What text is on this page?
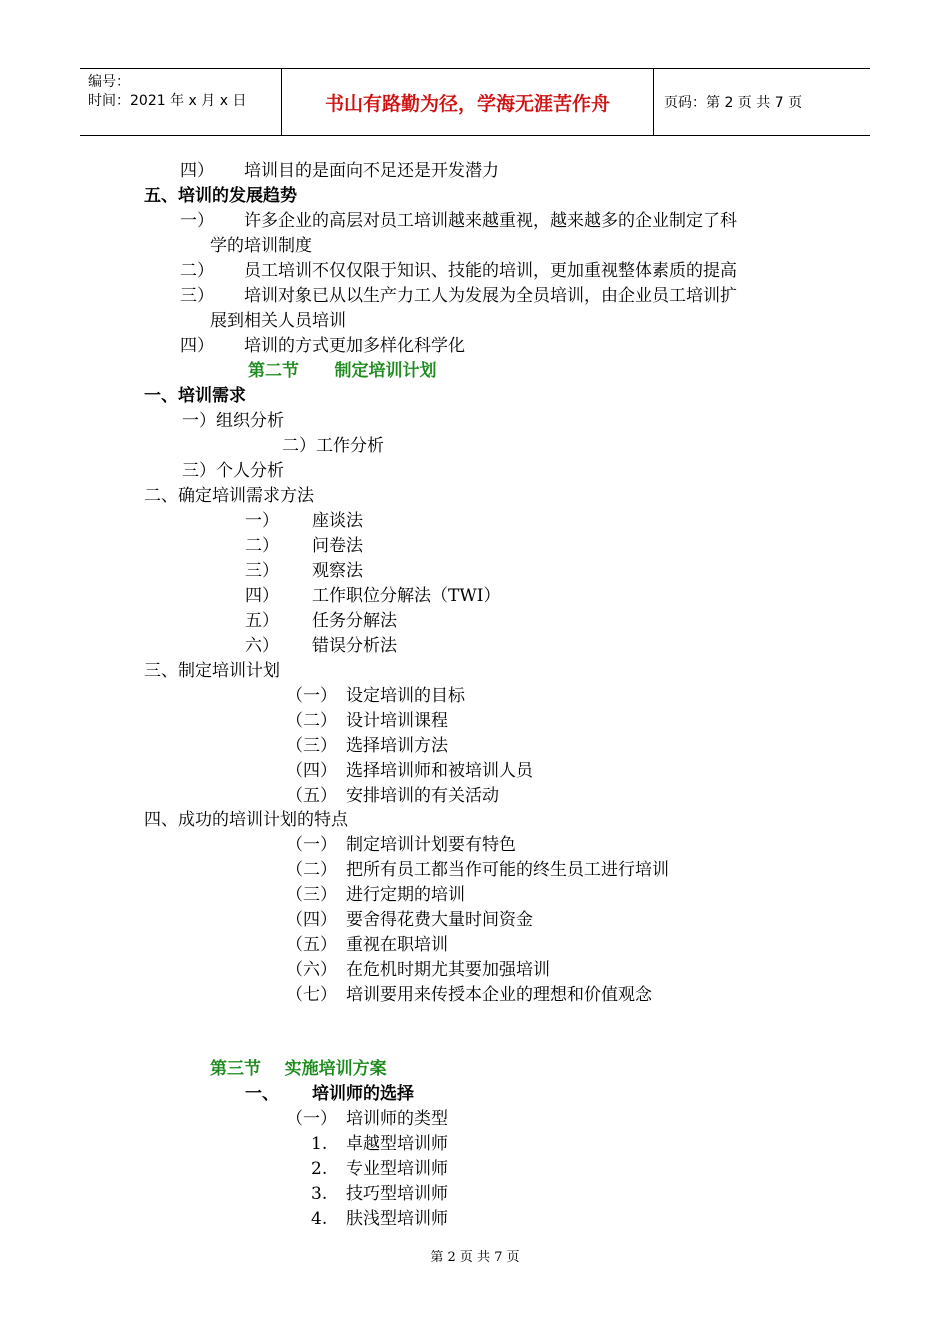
编号：
时间：2021 年 x 月 x 日	书山有路勤为径，学海无涯苦作舟	页码：第 2 页 共 7 页
四） 培训目的是面向不足还是开发潜力
五、培训的发展趋势
一） 许多企业的高层对员工培训越来越重视，越来越多的企业制定了科
学的培训制度
二） 员工培训不仅仅限于知识、技能的培训，更加重视整体素质的提高
三） 培训对象已从以生产力工人为发展为全员培训，由企业员工培训扩
展到相关人员培训
四） 培训的方式更加多样化科学化
第二节      制定培训计划
一、培训需求
一）组织分析
二）工作分析
三）个人分析
二、确定培训需求方法
一） 座谈法
二） 问卷法
三） 观察法
四） 工作职位分解法（TWI）
五） 任务分解法
六） 错误分析法
三、制定培训计划
（一） 设定培训的目标
（二） 设计培训课程
（三） 选择培训方法
（四） 选择培训师和被培训人员
（五） 安排培训的有关活动
四、成功的培训计划的特点
（一） 制定培训计划要有特色
（二） 把所有员工都当作可能的终生员工进行培训
（三） 进行定期的培训
（四） 要舍得花费大量时间资金
（五） 重视在职培训
（六） 在危机时期尤其要加强培训
（七） 培训要用来传授本企业的理想和价值观念
第三节    实施培训方案
一、 培训师的选择
（一） 培训师的类型
1. 卓越型培训师
2. 专业型培训师
3. 技巧型培训师
4. 肤浅型培训师
第 2 页 共 7 页
